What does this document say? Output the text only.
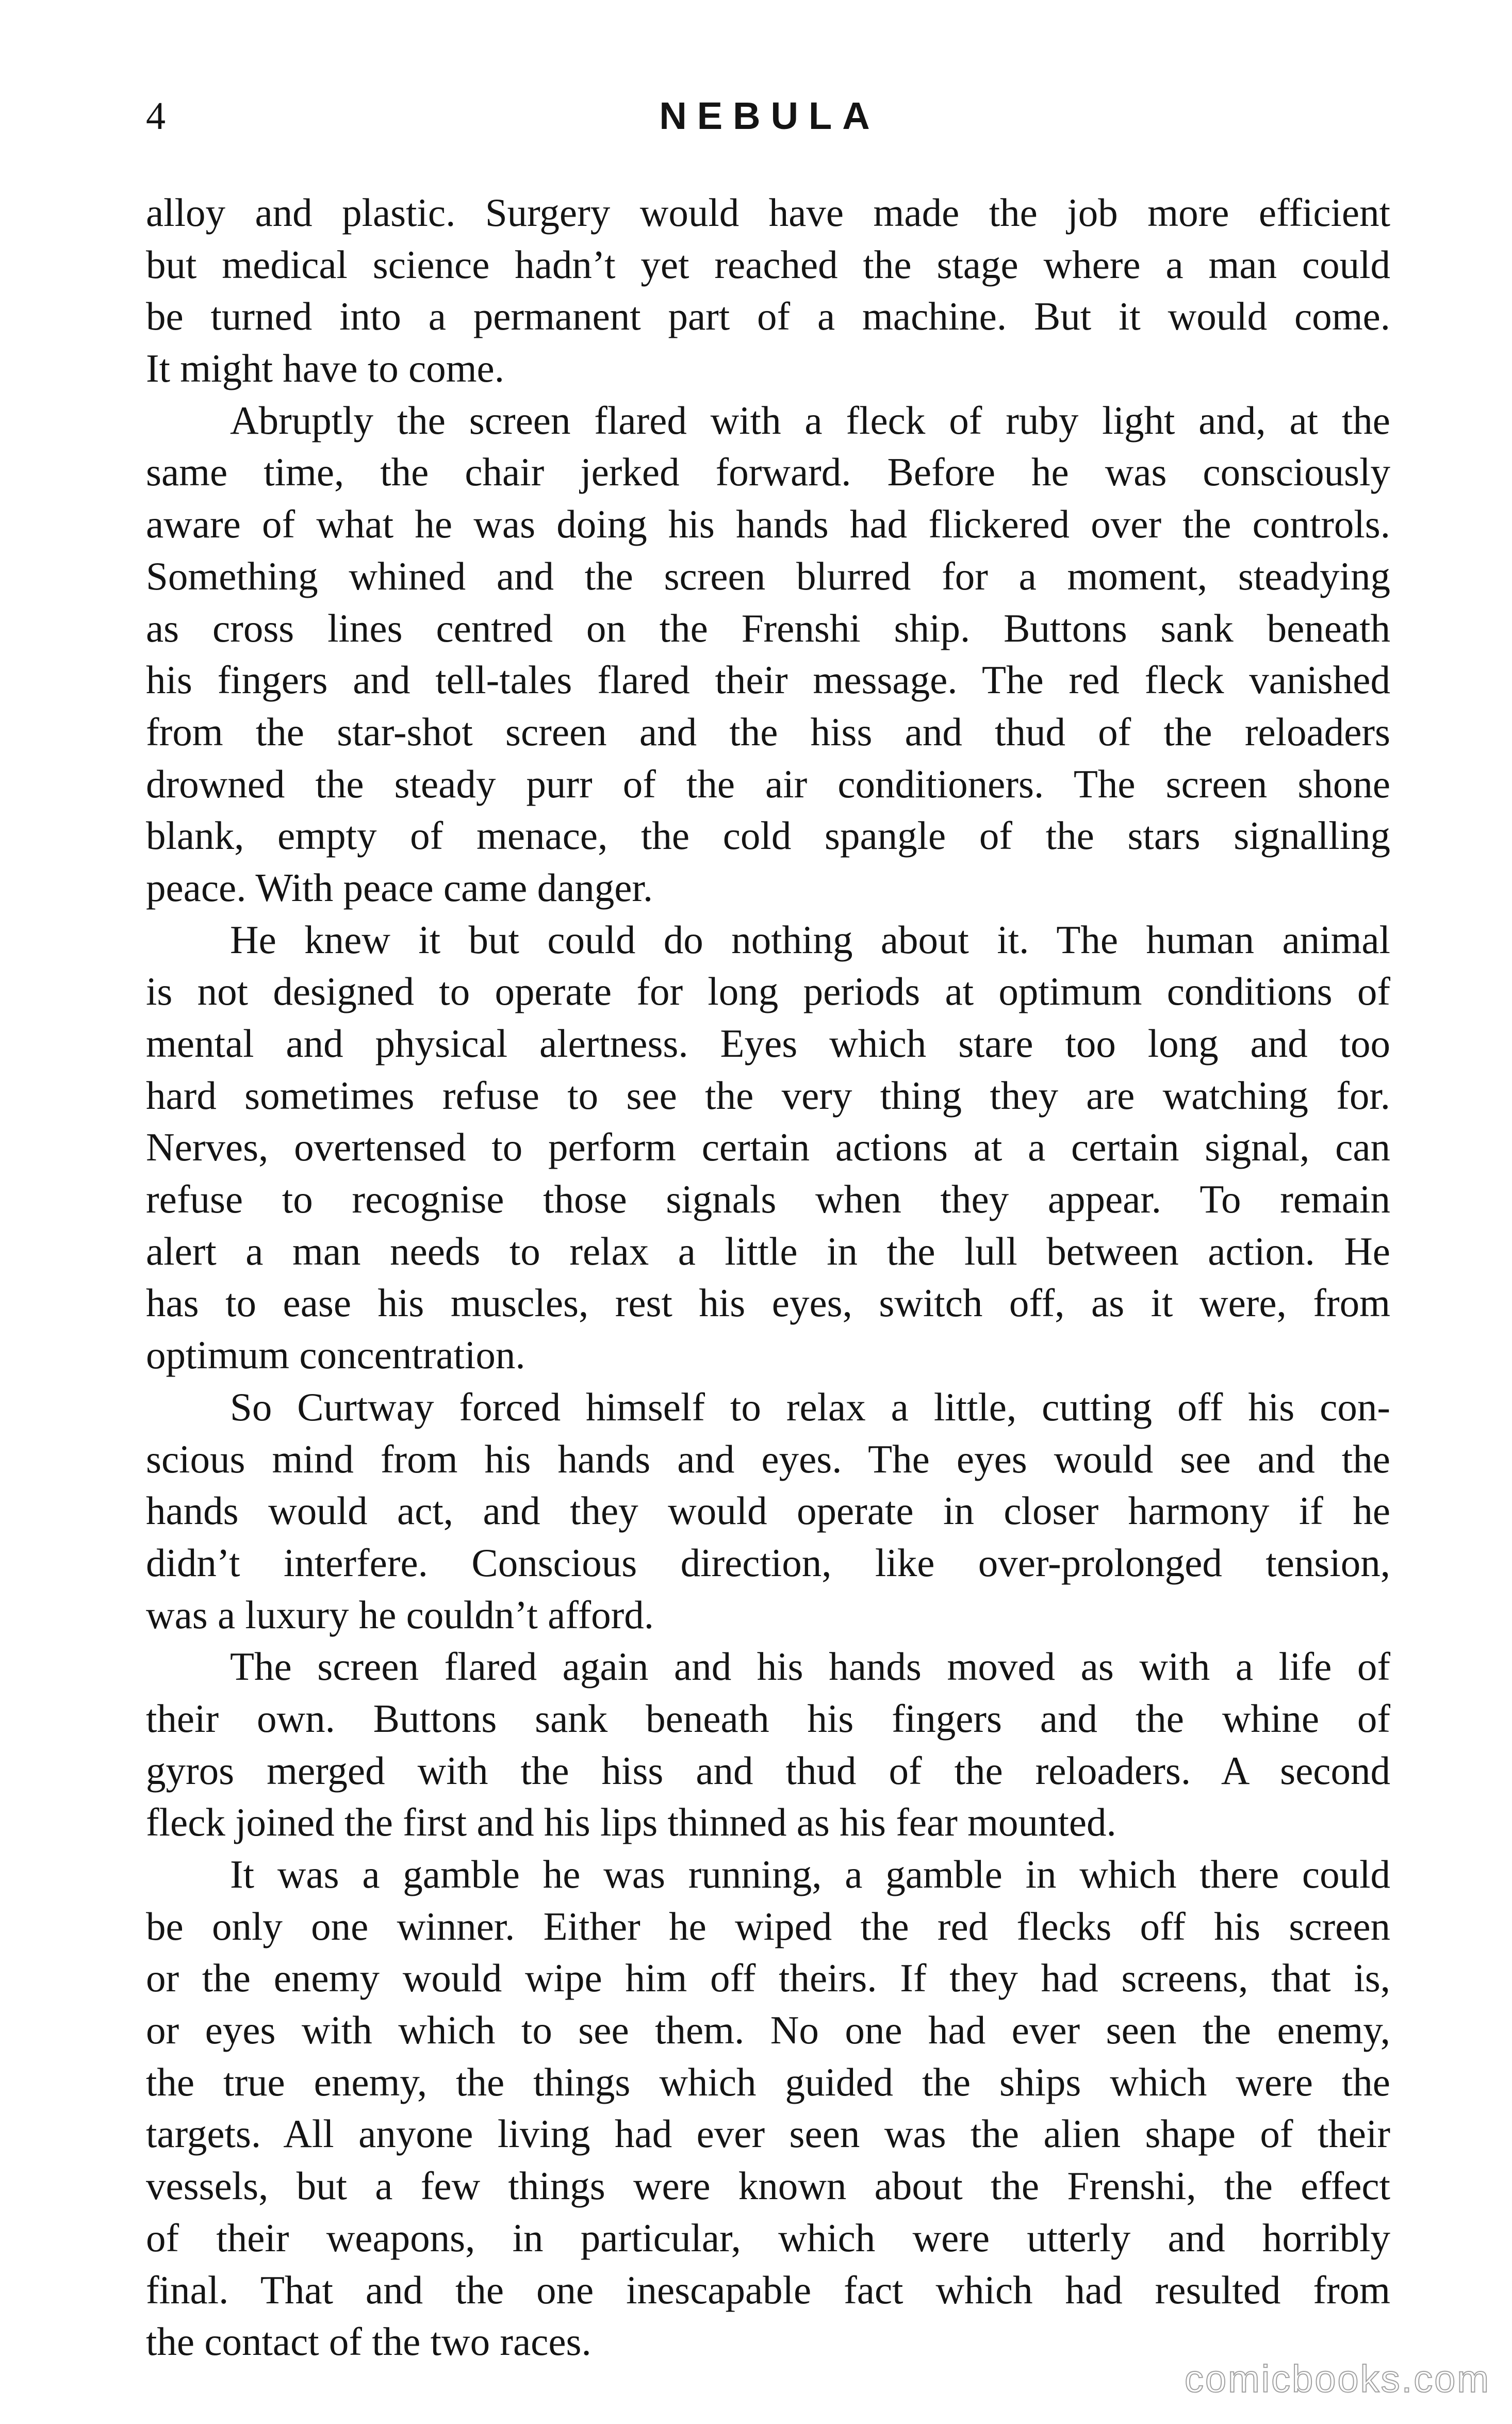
4	NEBULA
alloy and plastic. Surgery would have made the job more efficient
but medical science hadn’t yet reached the stage where a man could
be turned into a permanent part of a machine. But it would come.
It might have to come.
Abruptly the screen flared with a fleck of ruby light and, at the
same time, the chair jerked forward. Before he was consciously
aware of what he was doing his hands had flickered over the controls.
Something whined and the screen blurred for a moment, steadying
as cross lines centred on the Frenshi ship. Buttons sank beneath
his fingers and tell-tales flared their message. The red fleck vanished
from the star-shot screen and the hiss and thud of the reloaders
drowned the steady purr of the air conditioners. The screen shone
blank, empty of menace, the cold spangle of the stars signalling
peace. With peace came danger.
He knew it but could do nothing about it. The human animal
is not designed to operate for long periods at optimum conditions of
mental and physical alertness. Eyes which stare too long and too
hard sometimes refuse to see the very thing they are watching for.
Nerves, overtensed to perform certain actions at a certain signal, can
refuse to recognise those signals when they appear. To remain
alert a man needs to relax a little in the lull between action. He
has to ease his muscles, rest his eyes, switch off, as it were, from
optimum concentration.
So Curtway forced himself to relax a little, cutting off his con-
scious mind from his hands and eyes. The eyes would see and the
hands would act, and they would operate in closer harmony if he
didn’t interfere. Conscious direction, like over-prolonged tension,
was a luxury he couldn’t afford.
The screen flared again and his hands moved as with a life of
their own. Buttons sank beneath his fingers and the whine of
gyros merged with the hiss and thud of the reloaders. A second
fleck joined the first and his lips thinned as his fear mounted.
It was a gamble he was running, a gamble in which there could
be only one winner. Either he wiped the red flecks off his screen
or the enemy would wipe him off theirs. If they had screens, that is,
or eyes with which to see them. No one had ever seen the enemy,
the true enemy, the things which guided the ships which were the
targets. All anyone living had ever seen was the alien shape of their
vessels, but a few things were known about the Frenshi, the effect
of their weapons, in particular, which were utterly and horribly
final. That and the one inescapable fact which had resulted from
the contact of the two races.
comicbooks.com
